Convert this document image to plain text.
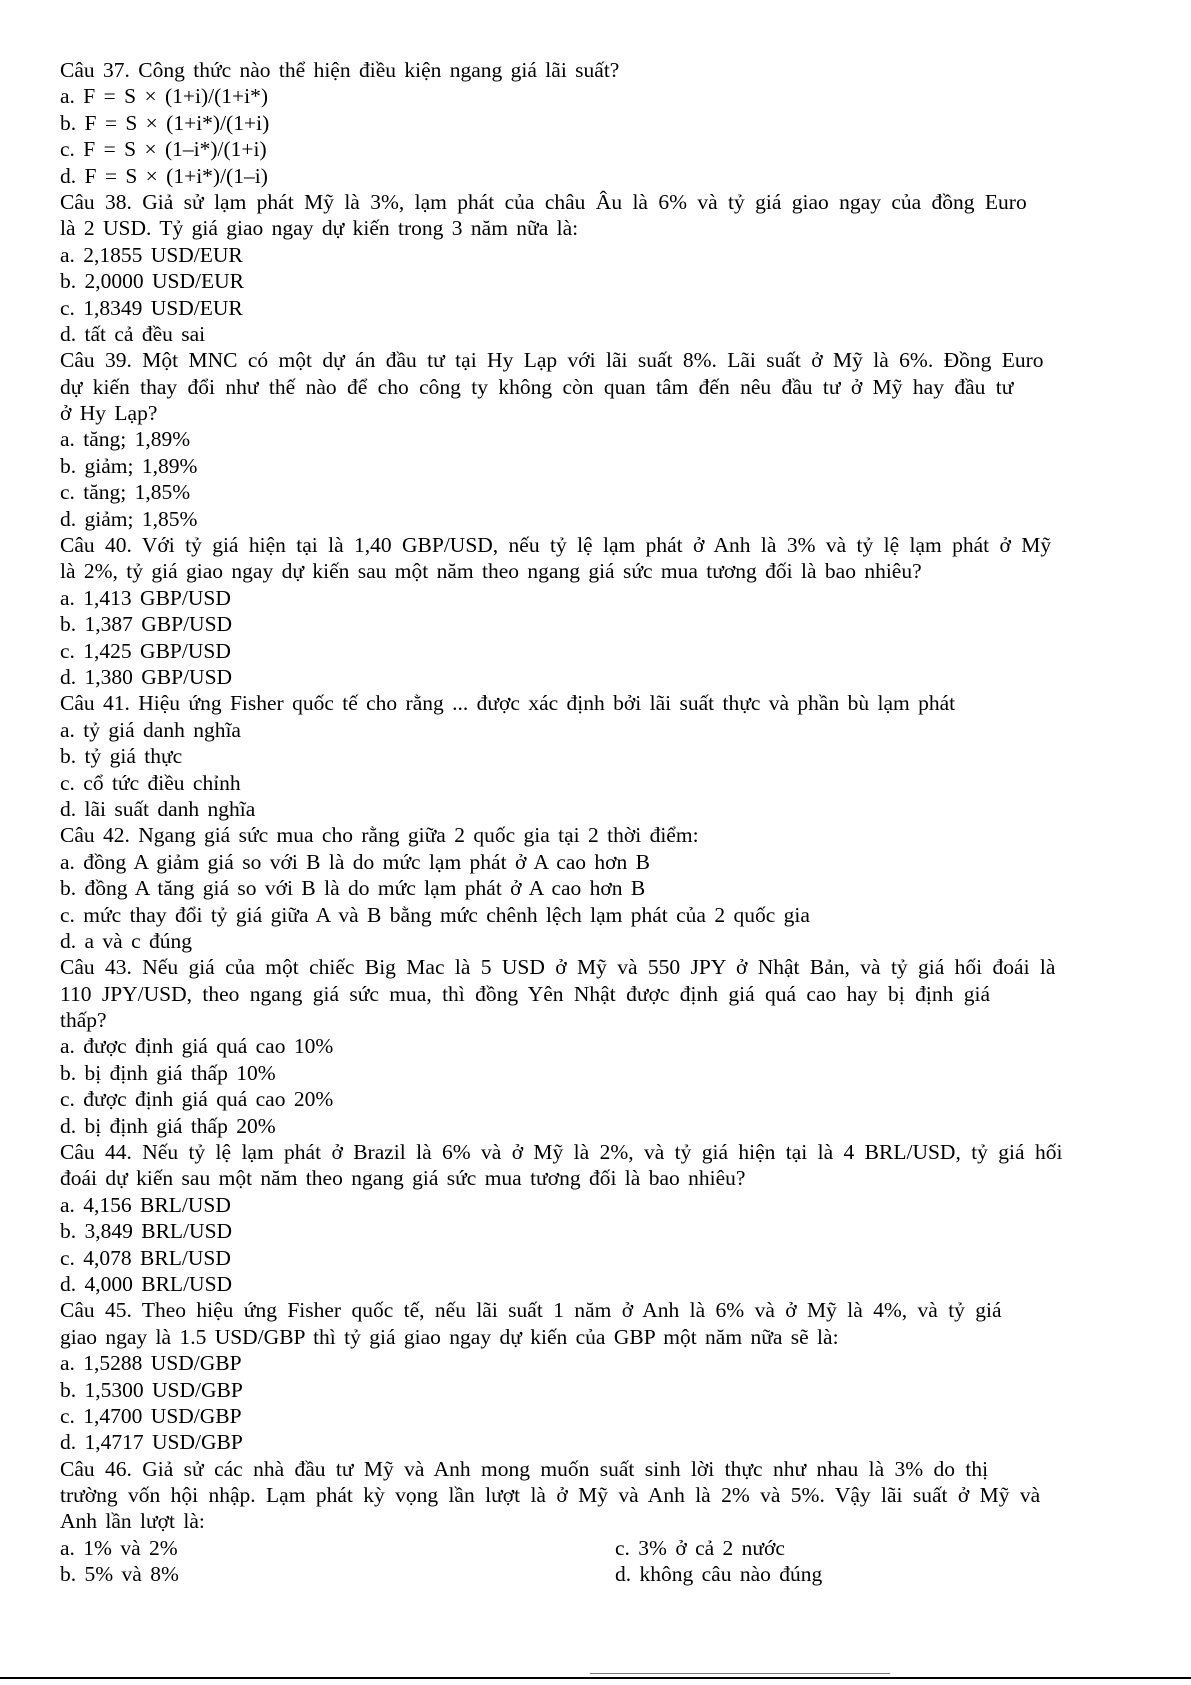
Câu 37. Công thức nào thể hiện điều kiện ngang giá lãi suất?
a. F = S × (1+i)/(1+i*)
b. F = S × (1+i*)/(1+i)
c. F = S × (1–i*)/(1+i)
d. F = S × (1+i*)/(1–i)
Câu 38. Giả sử lạm phát Mỹ là 3%, lạm phát của châu Âu là 6% và tỷ giá giao ngay của đồng Euro
là 2 USD. Tỷ giá giao ngay dự kiến trong 3 năm nữa là:
a. 2,1855 USD/EUR
b. 2,0000 USD/EUR
c. 1,8349 USD/EUR
d. tất cả đều sai
Câu 39. Một MNC có một dự án đầu tư tại Hy Lạp với lãi suất 8%. Lãi suất ở Mỹ là 6%. Đồng Euro
dự kiến thay đổi như thế nào để cho công ty không còn quan tâm đến nêu đầu tư ở Mỹ hay đầu tư
ở Hy Lạp?
a. tăng; 1,89%
b. giảm; 1,89%
c. tăng; 1,85%
d. giảm; 1,85%
Câu 40. Với tỷ giá hiện tại là 1,40 GBP/USD, nếu tỷ lệ lạm phát ở Anh là 3% và tỷ lệ lạm phát ở Mỹ
là 2%, tỷ giá giao ngay dự kiến sau một năm theo ngang giá sức mua tương đối là bao nhiêu?
a. 1,413 GBP/USD
b. 1,387 GBP/USD
c. 1,425 GBP/USD
d. 1,380 GBP/USD
Câu 41. Hiệu ứng Fisher quốc tế cho rằng ... được xác định bởi lãi suất thực và phần bù lạm phát
a. tỷ giá danh nghĩa
b. tỷ giá thực
c. cổ tức điều chỉnh
d. lãi suất danh nghĩa
Câu 42. Ngang giá sức mua cho rằng giữa 2 quốc gia tại 2 thời điểm:
a. đồng A giảm giá so với B là do mức lạm phát ở A cao hơn B
b. đồng A tăng giá so với B là do mức lạm phát ở A cao hơn B
c. mức thay đổi tỷ giá giữa A và B bằng mức chênh lệch lạm phát của 2 quốc gia
d. a và c đúng
Câu 43. Nếu giá của một chiếc Big Mac là 5 USD ở Mỹ và 550 JPY ở Nhật Bản, và tỷ giá hối đoái là
110 JPY/USD, theo ngang giá sức mua, thì đồng Yên Nhật được định giá quá cao hay bị định giá
thấp?
a. được định giá quá cao 10%
b. bị định giá thấp 10%
c. được định giá quá cao 20%
d. bị định giá thấp 20%
Câu 44. Nếu tỷ lệ lạm phát ở Brazil là 6% và ở Mỹ là 2%, và tỷ giá hiện tại là 4 BRL/USD, tỷ giá hối
đoái dự kiến sau một năm theo ngang giá sức mua tương đối là bao nhiêu?
a. 4,156 BRL/USD
b. 3,849 BRL/USD
c. 4,078 BRL/USD
d. 4,000 BRL/USD
Câu 45. Theo hiệu ứng Fisher quốc tế, nếu lãi suất 1 năm ở Anh là 6% và ở Mỹ là 4%, và tỷ giá
giao ngay là 1.5 USD/GBP thì tỷ giá giao ngay dự kiến của GBP một năm nữa sẽ là:
a. 1,5288 USD/GBP
b. 1,5300 USD/GBP
c. 1,4700 USD/GBP
d. 1,4717 USD/GBP
Câu 46. Giả sử các nhà đầu tư Mỹ và Anh mong muốn suất sinh lời thực như nhau là 3% do thị
trường vốn hội nhập. Lạm phát kỳ vọng lần lượt là ở Mỹ và Anh là 2% và 5%. Vậy lãi suất ở Mỹ và
Anh lần lượt là:
a. 1% và 2%	c. 3% ở cả 2 nước
b. 5% và 8%	d. không câu nào đúng
